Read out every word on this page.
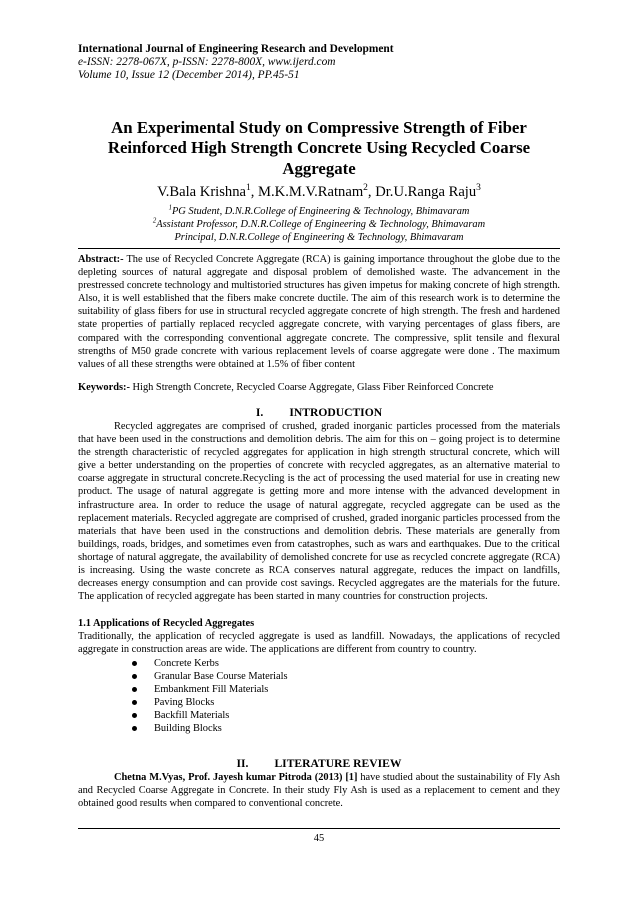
International Journal of Engineering Research and Development
e-ISSN: 2278-067X, p-ISSN: 2278-800X, www.ijerd.com
Volume 10, Issue 12 (December 2014), PP.45-51
An Experimental Study on Compressive Strength of Fiber Reinforced High Strength Concrete Using Recycled Coarse Aggregate
V.Bala Krishna$^1$, M.K.M.V.Ratnam$^2$, Dr.U.Ranga Raju$^3$
$^1$PG Student, D.N.R.College of Engineering & Technology, Bhimavaram
$^2$Assistant Professor, D.N.R.College of Engineering & Technology, Bhimavaram
Principal, D.N.R.College of Engineering & Technology, Bhimavaram

Abstract:- The use of Recycled Concrete Aggregate (RCA) is gaining importance throughout the globe due to the depleting sources of natural aggregate and disposal problem of demolished waste. The advancement in the prestressed concrete technology and multistoried structures has given impetus for making concrete of high strength. Also, it is well established that the fibers make concrete ductile. The aim of this research work is to determine the suitability of glass fibers for use in structural recycled aggregate concrete of high strength. The fresh and hardened state properties of partially replaced recycled aggregate concrete, with varying percentages of glass fibers, are compared with the corresponding conventional aggregate concrete. The compressive, split tensile and flexural strengths of M50 grade concrete with various replacement levels of coarse aggregate were done . The maximum values of all these strengths were obtained at 1.5% of fiber content

Keywords:- High Strength Concrete, Recycled Coarse Aggregate, Glass Fiber Reinforced Concrete

I. INTRODUCTION

Recycled aggregates are comprised of crushed, graded inorganic particles processed from the materials that have been used in the constructions and demolition debris. The aim for this on – going project is to determine the strength characteristic of recycled aggregates for application in high strength structural concrete, which will give a better understanding on the properties of concrete with recycled aggregates, as an alternative material to coarse aggregate in structural concrete.Recycling is the act of processing the used material for use in creating new product. The usage of natural aggregate is getting more and more intense with the advanced development in infrastructure area. In order to reduce the usage of natural aggregate, recycled aggregate can be used as the replacement materials. Recycled aggregate are comprised of crushed, graded inorganic particles processed from the materials that have been used in the constructions and demolition debris. These materials are generally from buildings, roads, bridges, and sometimes even from catastrophes, such as wars and earthquakes. Due to the critical shortage of natural aggregate, the availability of demolished concrete for use as recycled concrete aggregate (RCA) is increasing. Using the waste concrete as RCA conserves natural aggregate, reduces the impact on landfills, decreases energy consumption and can provide cost savings. Recycled aggregates are the materials for the future. The application of recycled aggregate has been started in many countries for construction projects.

1.1 Applications of Recycled Aggregates

Traditionally, the application of recycled aggregate is used as landfill. Nowadays, the applications of recycled aggregate in construction areas are wide. The applications are different from country to country.

Concrete Kerbs
Granular Base Course Materials
Embankment Fill Materials
Paving Blocks
Backfill Materials
Building Blocks
II. LITERATURE REVIEW

Chetna M.Vyas, Prof. Jayesh kumar Pitroda (2013) [1] have studied about the sustainability of Fly Ash and Recycled Coarse Aggregate in Concrete. In their study Fly Ash is used as a replacement to cement and they obtained good results when compared to conventional concrete.

45
